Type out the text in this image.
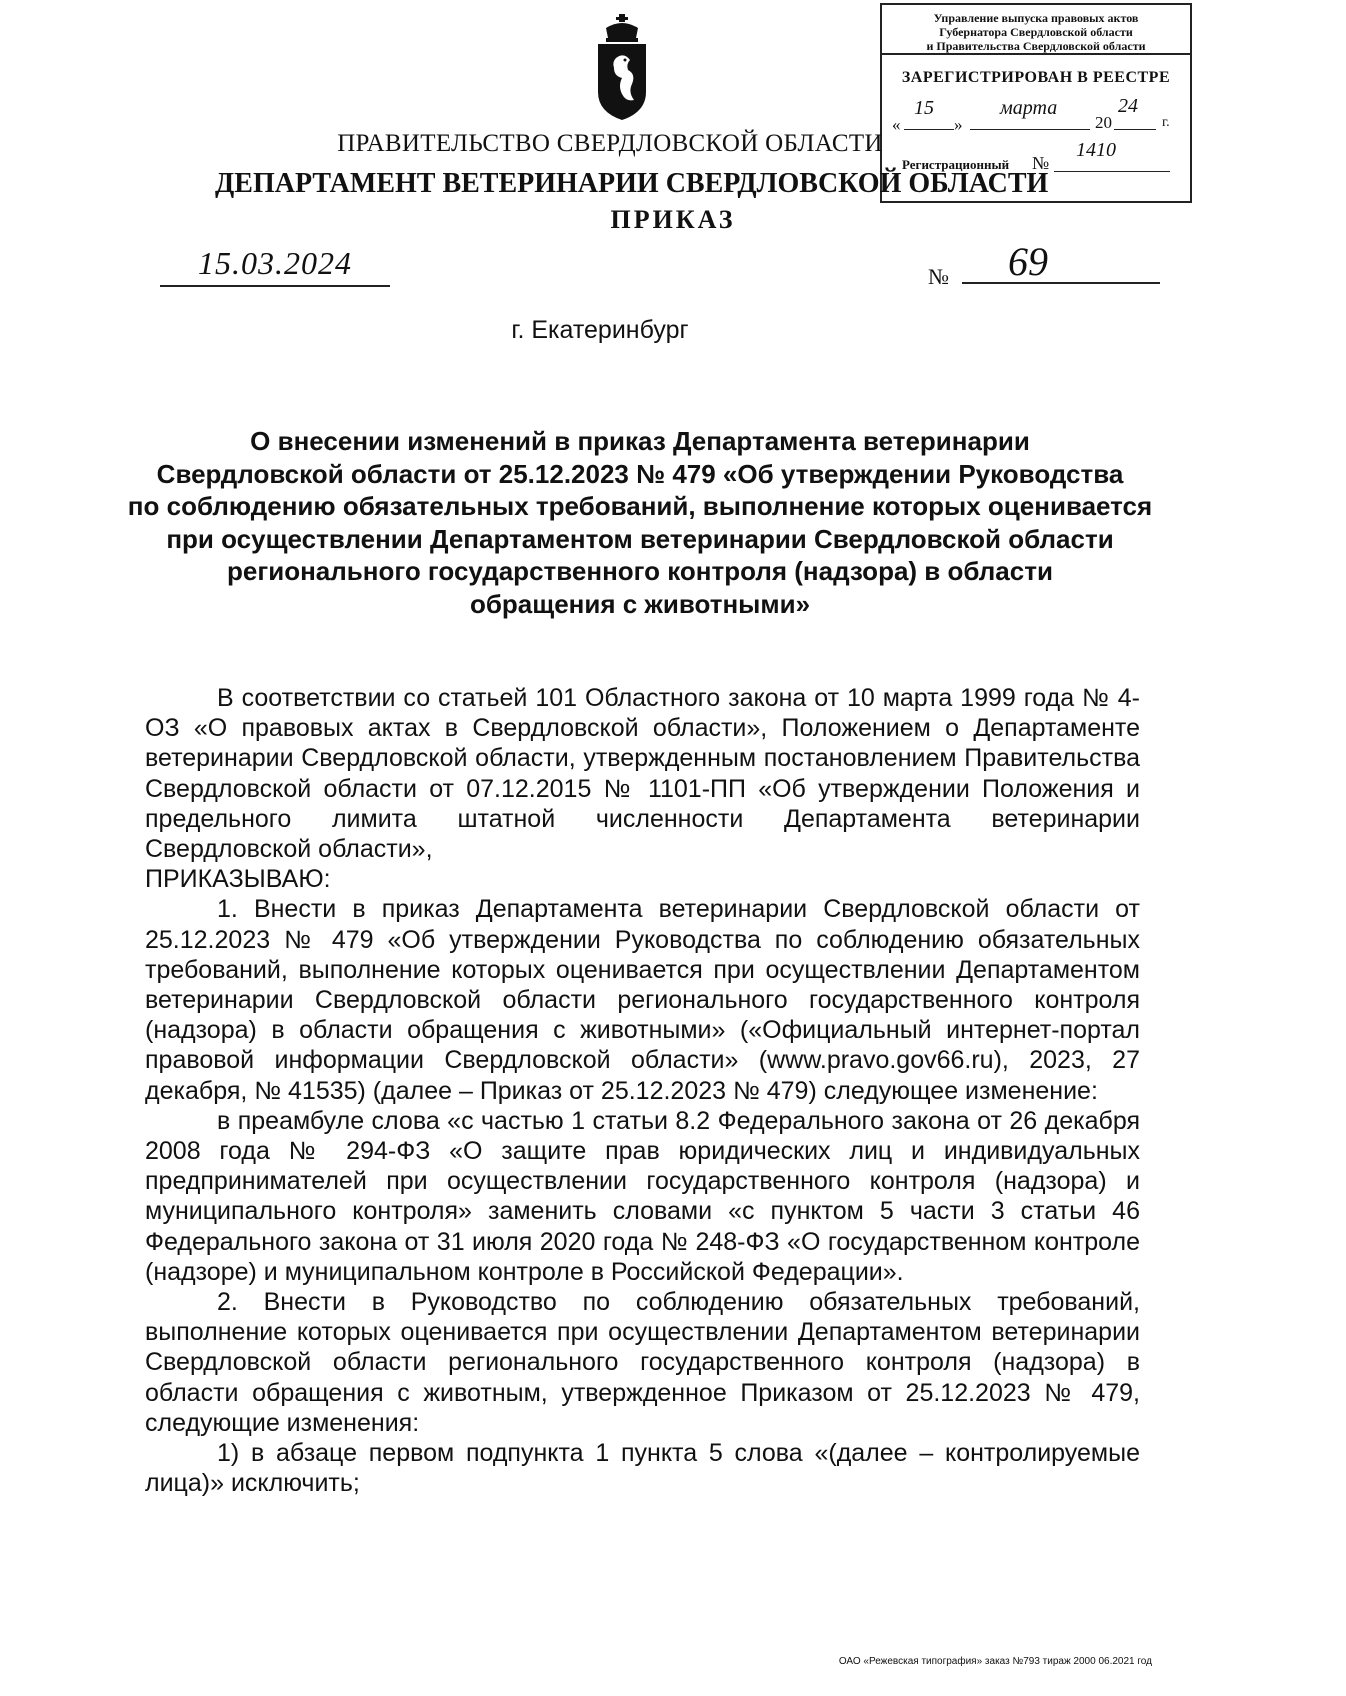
Управление выпуска правовых актов
Губернатора Свердловской области
и Правительства Свердловской области
ЗАРЕГИСТРИРОВАН В РЕЕСТРЕ
«
15
»
марта
20
24
г.
Регистрационный №
1410
ПРАВИТЕЛЬСТВО СВЕРДЛОВСКОЙ ОБЛАСТИ
ДЕПАРТАМЕНТ ВЕТЕРИНАРИИ СВЕРДЛОВСКОЙ ОБЛАСТИ
ПРИКАЗ
15.03.2024	№	69
г. Екатеринбург
О внесении изменений в приказ Департамента ветеринарии
Свердловской области от 25.12.2023 № 479 «Об утверждении Руководства
по соблюдению обязательных требований, выполнение которых оценивается
при осуществлении Департаментом ветеринарии Свердловской области
регионального государственного контроля (надзора) в области
обращения с животными»

В соответствии со статьей 101 Областного закона от 10 марта 1999 года № 4-ОЗ «О правовых актах в Свердловской области», Положением о Департаменте ветеринарии Свердловской области, утвержденным постановлением Правительства Свердловской области от 07.12.2015 № 1101-ПП «Об утверждении Положения и предельного лимита штатной численности Департамента ветеринарии Свердловской области»,

ПРИКАЗЫВАЮ:

1. Внести в приказ Департамента ветеринарии Свердловской области от 25.12.2023 № 479 «Об утверждении Руководства по соблюдению обязательных требований, выполнение которых оценивается при осуществлении Департаментом ветеринарии Свердловской области регионального государственного контроля (надзора) в области обращения с животными» («Официальный интернет-портал правовой информации Свердловской области» (www.pravo.gov66.ru), 2023, 27 декабря, № 41535) (далее – Приказ от 25.12.2023 № 479) следующее изменение:

в преамбуле слова «с частью 1 статьи 8.2 Федерального закона от 26 декабря 2008 года № 294-ФЗ «О защите прав юридических лиц и индивидуальных предпринимателей при осуществлении государственного контроля (надзора) и муниципального контроля» заменить словами «с пунктом 5 части 3 статьи 46 Федерального закона от 31 июля 2020 года № 248-ФЗ «О государственном контроле (надзоре) и муниципальном контроле в Российской Федерации».

2. Внести в Руководство по соблюдению обязательных требований, выполнение которых оценивается при осуществлении Департаментом ветеринарии Свердловской области регионального государственного контроля (надзора) в области обращения с животным, утвержденное Приказом от 25.12.2023 № 479, следующие изменения:

1) в абзаце первом подпункта 1 пункта 5 слова «(далее – контролируемые лица)» исключить;

ОАО «Режевская типография» заказ №793 тираж 2000 06.2021 год
